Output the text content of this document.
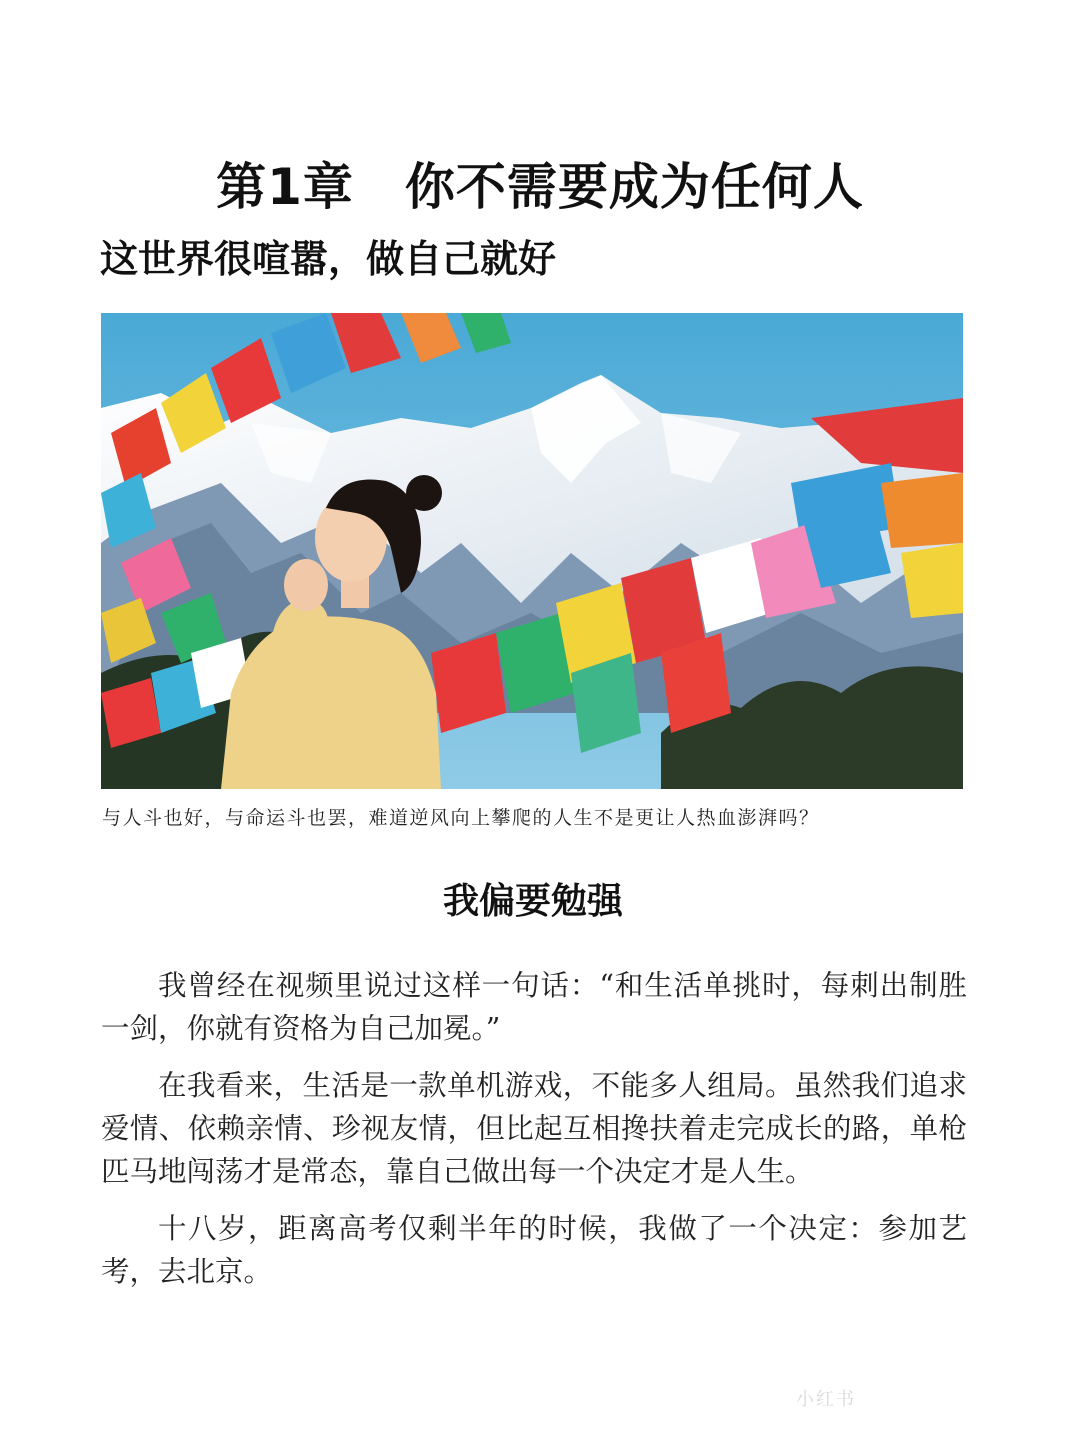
第1章　你不需要成为任何人
这世界很喧嚣，做自己就好
与人斗也好，与命运斗也罢，难道逆风向上攀爬的人生不是更让人热血澎湃吗？
我偏要勉强

我曾经在视频里说过这样一句话：“和生活单挑时，每刺出制胜一剑，你就有资格为自己加冕。”

在我看来，生活是一款单机游戏，不能多人组局。虽然我们追求爱情、依赖亲情、珍视友情，但比起互相搀扶着走完成长的路，单枪匹马地闯荡才是常态，靠自己做出每一个决定才是人生。

十八岁，距离高考仅剩半年的时候，我做了一个决定：参加艺考，去北京。

小红书
